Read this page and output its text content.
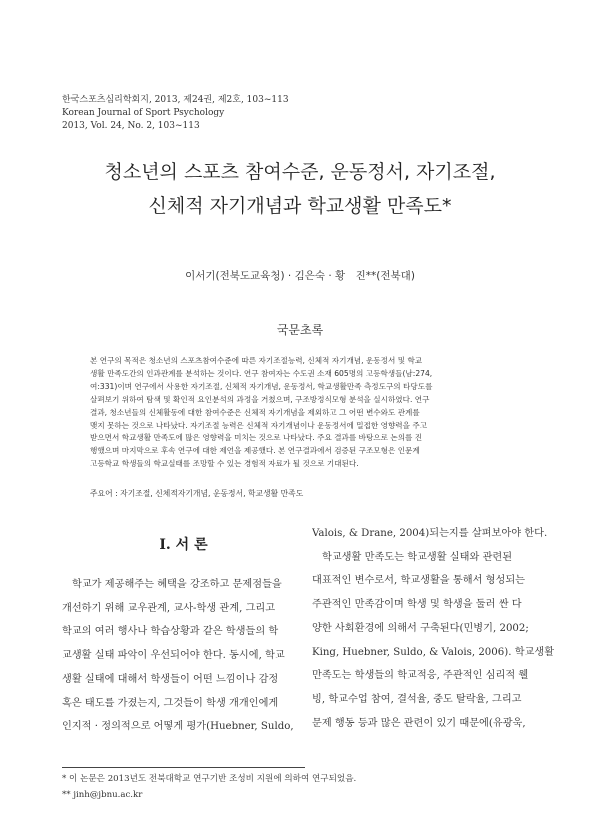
한국스포츠심리학회지, 2013, 제24권, 제2호, 103~113
Korean Journal of Sport Psychology
2013, Vol. 24, No. 2, 103~113
청소년의 스포츠 참여수준, 운동정서, 자기조절,
신체적 자기개념과 학교생활 만족도*
이서기(전북도교육청) · 김은숙 · 황　진**(전북대)
국문초록
본 연구의 목적은 청소년의 스포츠참여수준에 따른 자기조절능력, 신체적 자기개념, 운동정서 및 학교
생활 만족도간의 인과관계를 분석하는 것이다. 연구 참여자는 수도권 소재 605명의 고등학생들(남:274,
여:331)이며 연구에서 사용한 자기조절, 신체적 자기개념, 운동정서, 학교생활만족 측정도구의 타당도를
살펴보기 위하여 탐색 및 확인적 요인분석의 과정을 거쳤으며, 구조방정식모형 분석을 실시하였다. 연구
결과, 청소년들의 신체활동에 대한 참여수준은 신체적 자기개념을 제외하고 그 어떤 변수와도 관계를
맺지 못하는 것으로 나타났다. 자기조절 능력은 신체적 자기개념이나 운동정서에 밀접한 영향력을 주고
받으면서 학교생활 만족도에 많은 영향력을 미치는 것으로 나타났다. 주요 결과를 바탕으로 논의를 진
행했으며 마지막으로 후속 연구에 대한 제언을 제공했다. 본 연구결과에서 검증된 구조모형은 인문계
고등학교 학생들의 학교실태를 조망할 수 있는 경험적 자료가 될 것으로 기대된다.
주요어 : 자기조절, 신체적자기개념, 운동정서, 학교생활 만족도
I. 서 론
학교가 제공해주는 혜택을 강조하고 문제점들을
개선하기 위해 교우관계, 교사-학생 관계, 그리고
학교의 여러 행사나 학습상황과 같은 학생들의 학
교생활 실태 파악이 우선되어야 한다. 동시에, 학교
생활 실태에 대해서 학생들이 어떤 느낌이나 감정
혹은 태도를 가졌는지, 그것들이 학생 개개인에게
인지적 · 정의적으로 어떻게 평가(Huebner, Suldo,
Valois, & Drane, 2004)되는지를 살펴보아야 한다.
학교생활 만족도는 학교생활 실태와 관련된
대표적인 변수로서, 학교생활을 통해서 형성되는
주관적인 만족감이며 학생 및 학생을 둘러 싼 다
양한 사회환경에 의해서 구축된다(민병기, 2002;
King, Huebner, Suldo, & Valois, 2006). 학교생활
만족도는 학생들의 학교적응, 주관적인 심리적 웰
빙, 학교수업 참여, 결석율, 중도 탈락율, 그리고
문제 행동 등과 많은 관련이 있기 때문에(유광욱,
* 이 논문은 2013년도 전북대학교 연구기반 조성비 지원에 의하여 연구되었음.
** jinh@jbnu.ac.kr
